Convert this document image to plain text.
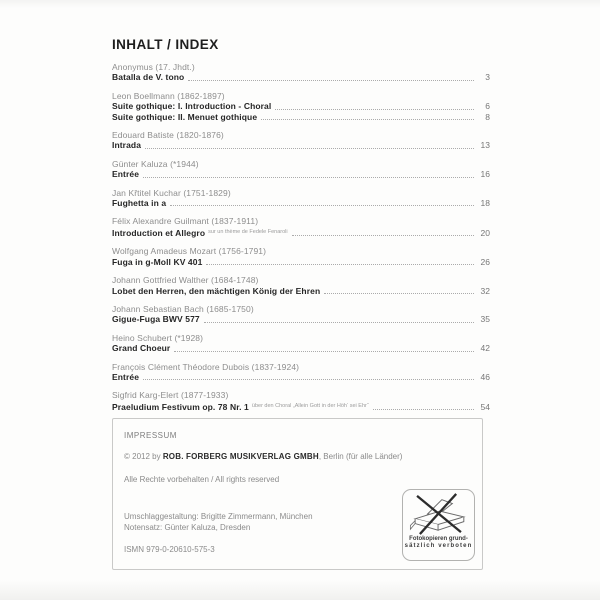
INHALT / INDEX
Anonymus (17. Jhdt.)
Batalla de V. tono	3
Leon Boellmann (1862-1897)
Suite gothique: I. Introduction - Choral	6
Suite gothique: II. Menuet gothique	8
Edouard Batiste (1820-1876)
Intrada	13
Günter Kaluza (*1944)
Entrée	16
Jan Křtitel Kuchar (1751-1829)
Fughetta in a	18
Félix Alexandre Guilmant (1837-1911)
Introduction et Allegro sur un thème de Fedele Fenaroli	20
Wolfgang Amadeus Mozart (1756-1791)
Fuga in g-Moll KV 401	26
Johann Gottfried Walther (1684-1748)
Lobet den Herren, den mächtigen König der Ehren	32
Johann Sebastian Bach (1685-1750)
Gigue-Fuga BWV 577	35
Heino Schubert (*1928)
Grand Choeur	42
François Clément Théodore Dubois (1837-1924)
Entrée	46
Sigfrid Karg-Elert (1877-1933)
Praeludium Festivum op. 78 Nr. 1 über den Choral „Allein Gott in der Höh‘ sei Ehr“	54
IMPRESSUM
© 2012 by ROB. FORBERG MUSIKVERLAG GMBH, Berlin (für alle Länder)
Alle Rechte vorbehalten / All rights reserved
Umschlaggestaltung: Brigitte Zimmermann, München
Notensatz: Günter Kaluza, Dresden
ISMN 979-0-20610-575-3
Fotokopieren grund-
sätzlich verboten
